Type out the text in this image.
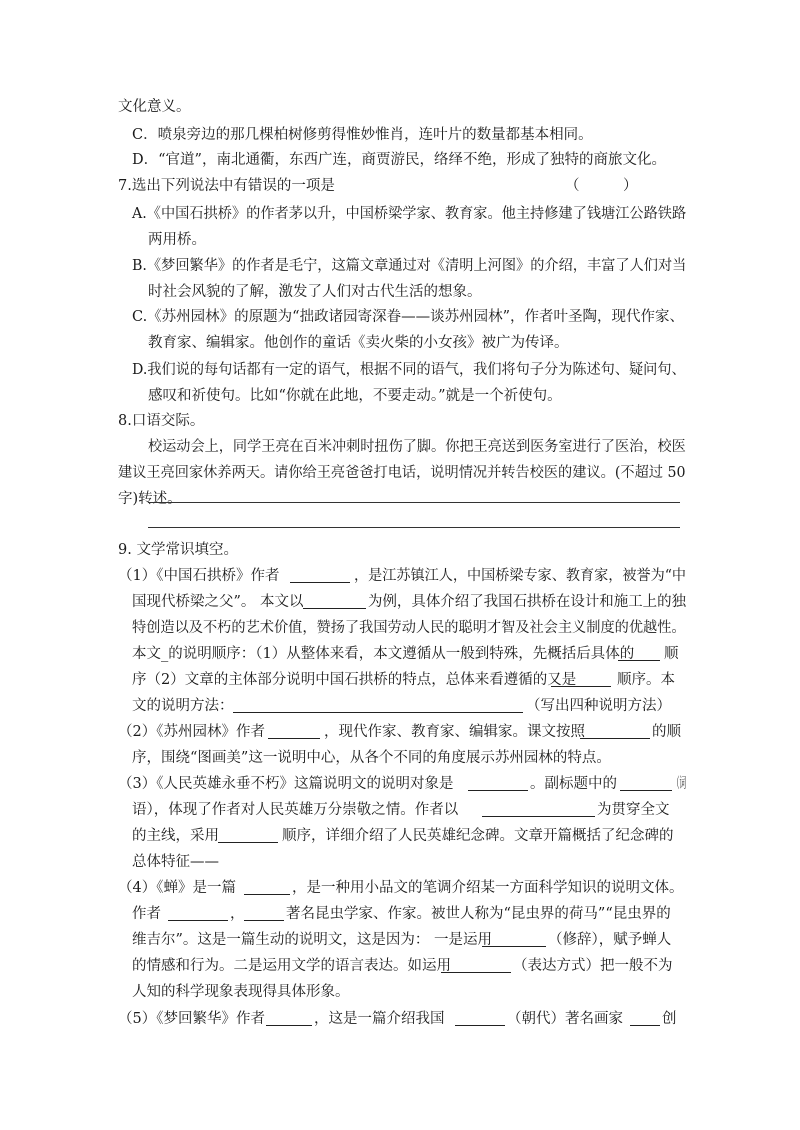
文化意义。
C．喷泉旁边的那几棵柏树修剪得惟妙惟肖，连叶片的数量都基本相同。
D．“官道”，南北通衢，东西广连，商贾游民，络绎不绝，形成了独特的商旅文化。
7.选出下列说法中有错误的一项是	（　　　）
A.《中国石拱桥》的作者茅以升，中国桥梁学家、教育家。他主持修建了钱塘江公路铁路
两用桥。
B.《梦回繁华》的作者是毛宁，这篇文章通过对《清明上河图》的介绍，丰富了人们对当
时社会风貌的了解，激发了人们对古代生活的想象。
C.《苏州园林》的原题为“拙政诸园寄深眷——谈苏州园林”，作者叶圣陶，现代作家、
教育家、编辑家。他创作的童话《卖火柴的小女孩》被广为传译。
D.我们说的每句话都有一定的语气，根据不同的语气，我们将句子分为陈述句、疑问句、
感叹和祈使句。比如“你就在此地，不要走动。”就是一个祈使句。
8.口语交际。
校运动会上，同学王亮在百米冲刺时扭伤了脚。你把王亮送到医务室进行了医治，校医
建议王亮回家休养两天。请你给王亮爸爸打电话，说明情况并转告校医的建议。(不超过 50
字)转述。
9. 文学常识填空。
（1）《中国石拱桥》作者	，是江苏镇江人，中国桥梁专家、教育家，被誉为“中
国现代桥梁之父”。 本文以	为例，具体介绍了我国石拱桥在设计和施工上的独
特创造以及不朽的艺术价值，赞扬了我国劳动人民的聪明才智及社会主义制度的优越性。
本文_的说明顺序：（1）从整体来看，本文遵循从一般到特殊，先概括后具体的 顺
序（2）文章的主体部分说明中国石拱桥的特点，总体来看遵循的又是	顺序。本
文的说明方法：	（写出四种说明方法）
（2）《苏州园林》作者	，现代作家、教育家、编辑家。课文按照	的顺
序，围绕“图画美”这一说明中心，从各个不同的角度展示苏州园林的特点。
（3）《人民英雄永垂不朽》这篇说明文的说明对象是	。副标题中的	（词
语），体现了作者对人民英雄万分崇敬之情。作者以	为贯穿全文
的主线，采用	顺序，详细介绍了人民英雄纪念碑。文章开篇概括了纪念碑的
总体特征——
（4）《蝉》是一篇	，是一种用小品文的笔调介绍某一方面科学知识的说明文体。
作者	，	著名昆虫学家、作家。被世人称为“昆虫界的荷马”“昆虫界的
维吉尔”。这是一篇生动的说明文，这是因为： 一是运用	（修辞），赋予蝉人
的情感和行为。二是运用文学的语言表达。如运用	（表达方式）把一般不为
人知的科学现象表现得具体形象。
（5）《梦回繁华》作者	，这是一篇介绍我国	（朝代）著名画家	创
